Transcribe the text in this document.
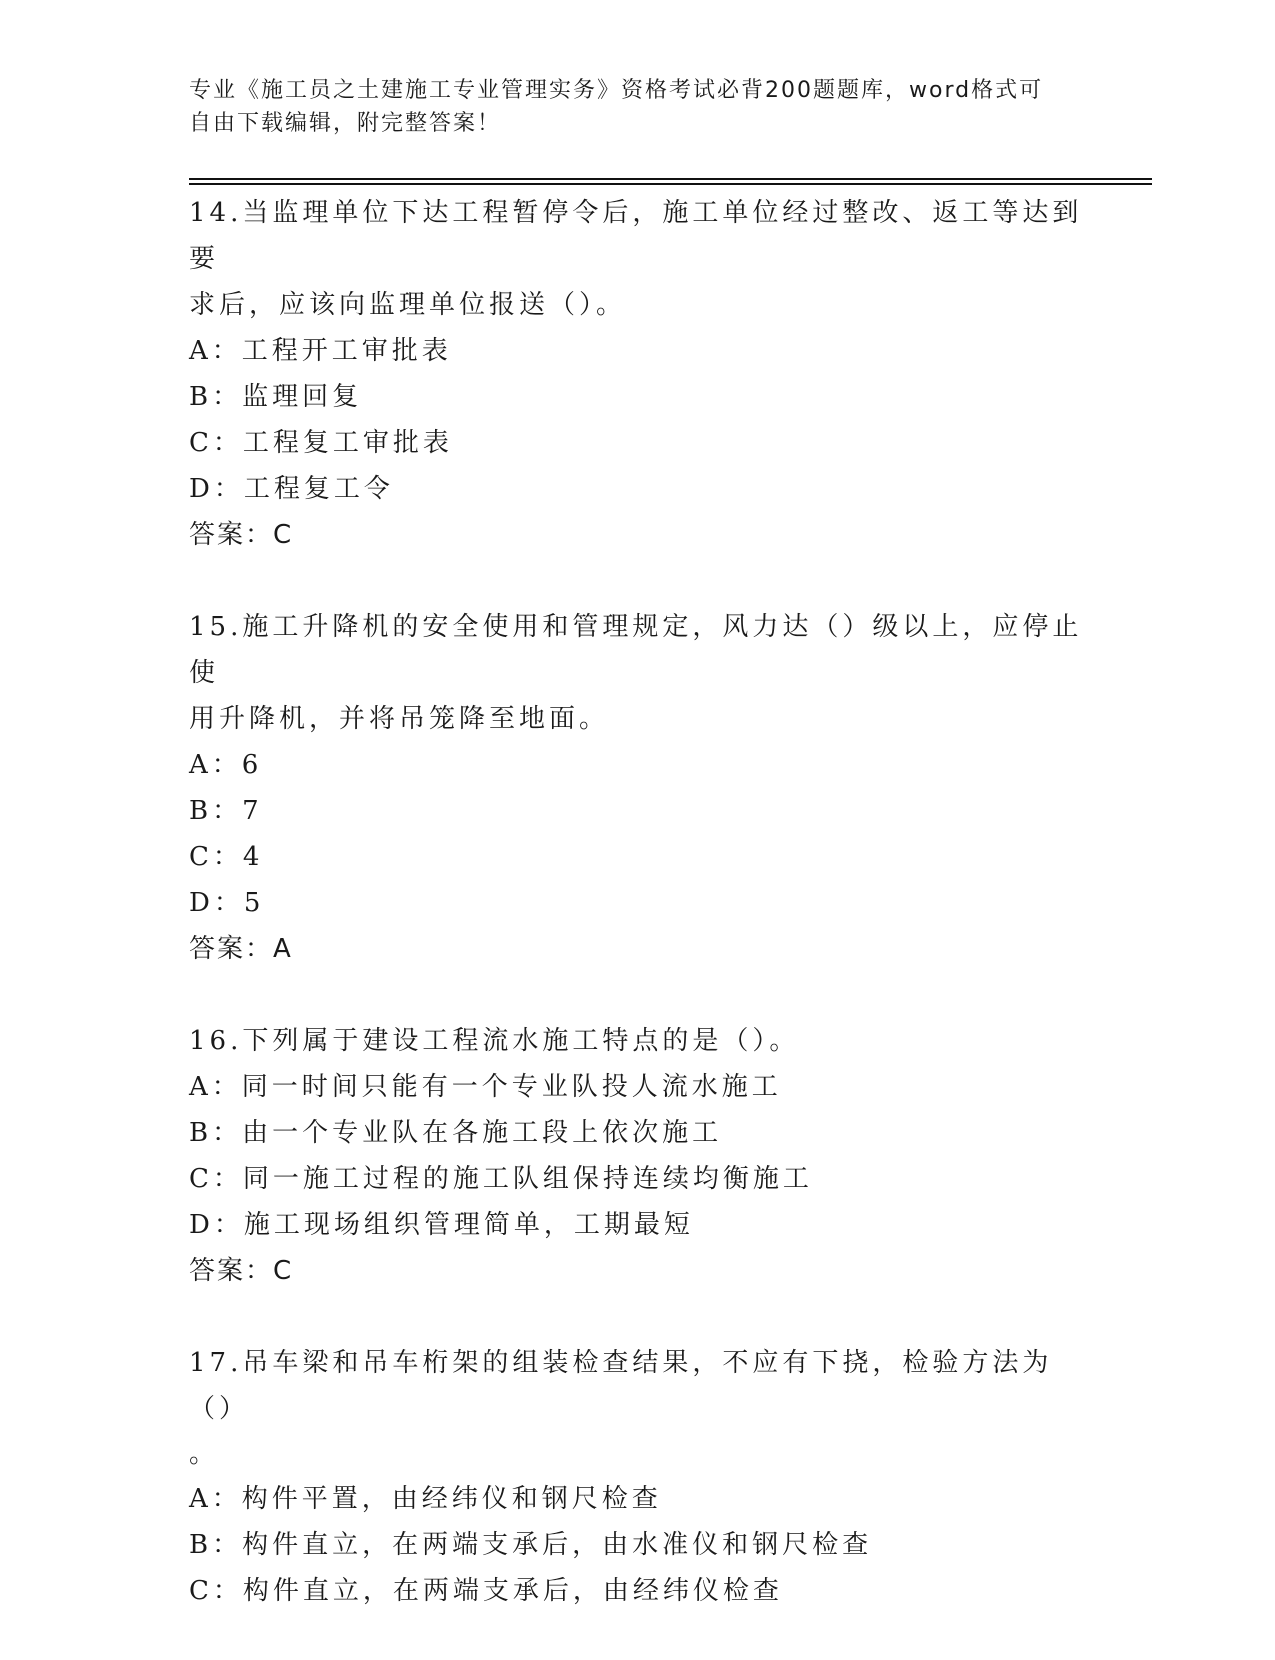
专业《施工员之土建施工专业管理实务》资格考试必背200题题库，word格式可
自由下载编辑，附完整答案！
14.当监理单位下达工程暂停令后，施工单位经过整改、返工等达到要
求后，应该向监理单位报送（）。
A：工程开工审批表
B：监理回复
C：工程复工审批表
D：工程复工令
答案：C
15.施工升降机的安全使用和管理规定，风力达（）级以上，应停止使
用升降机，并将吊笼降至地面。
A：6
B：7
C：4
D：5
答案：A
16.下列属于建设工程流水施工特点的是（）。
A：同一时间只能有一个专业队投人流水施工
B：由一个专业队在各施工段上依次施工
C：同一施工过程的施工队组保持连续均衡施工
D：施工现场组织管理简单，工期最短
答案：C
17.吊车梁和吊车桁架的组装检查结果，不应有下挠，检验方法为（）
。
A：构件平置，由经纬仪和钢尺检查
B：构件直立，在两端支承后，由水准仪和钢尺检查
C：构件直立，在两端支承后，由经纬仪检查
